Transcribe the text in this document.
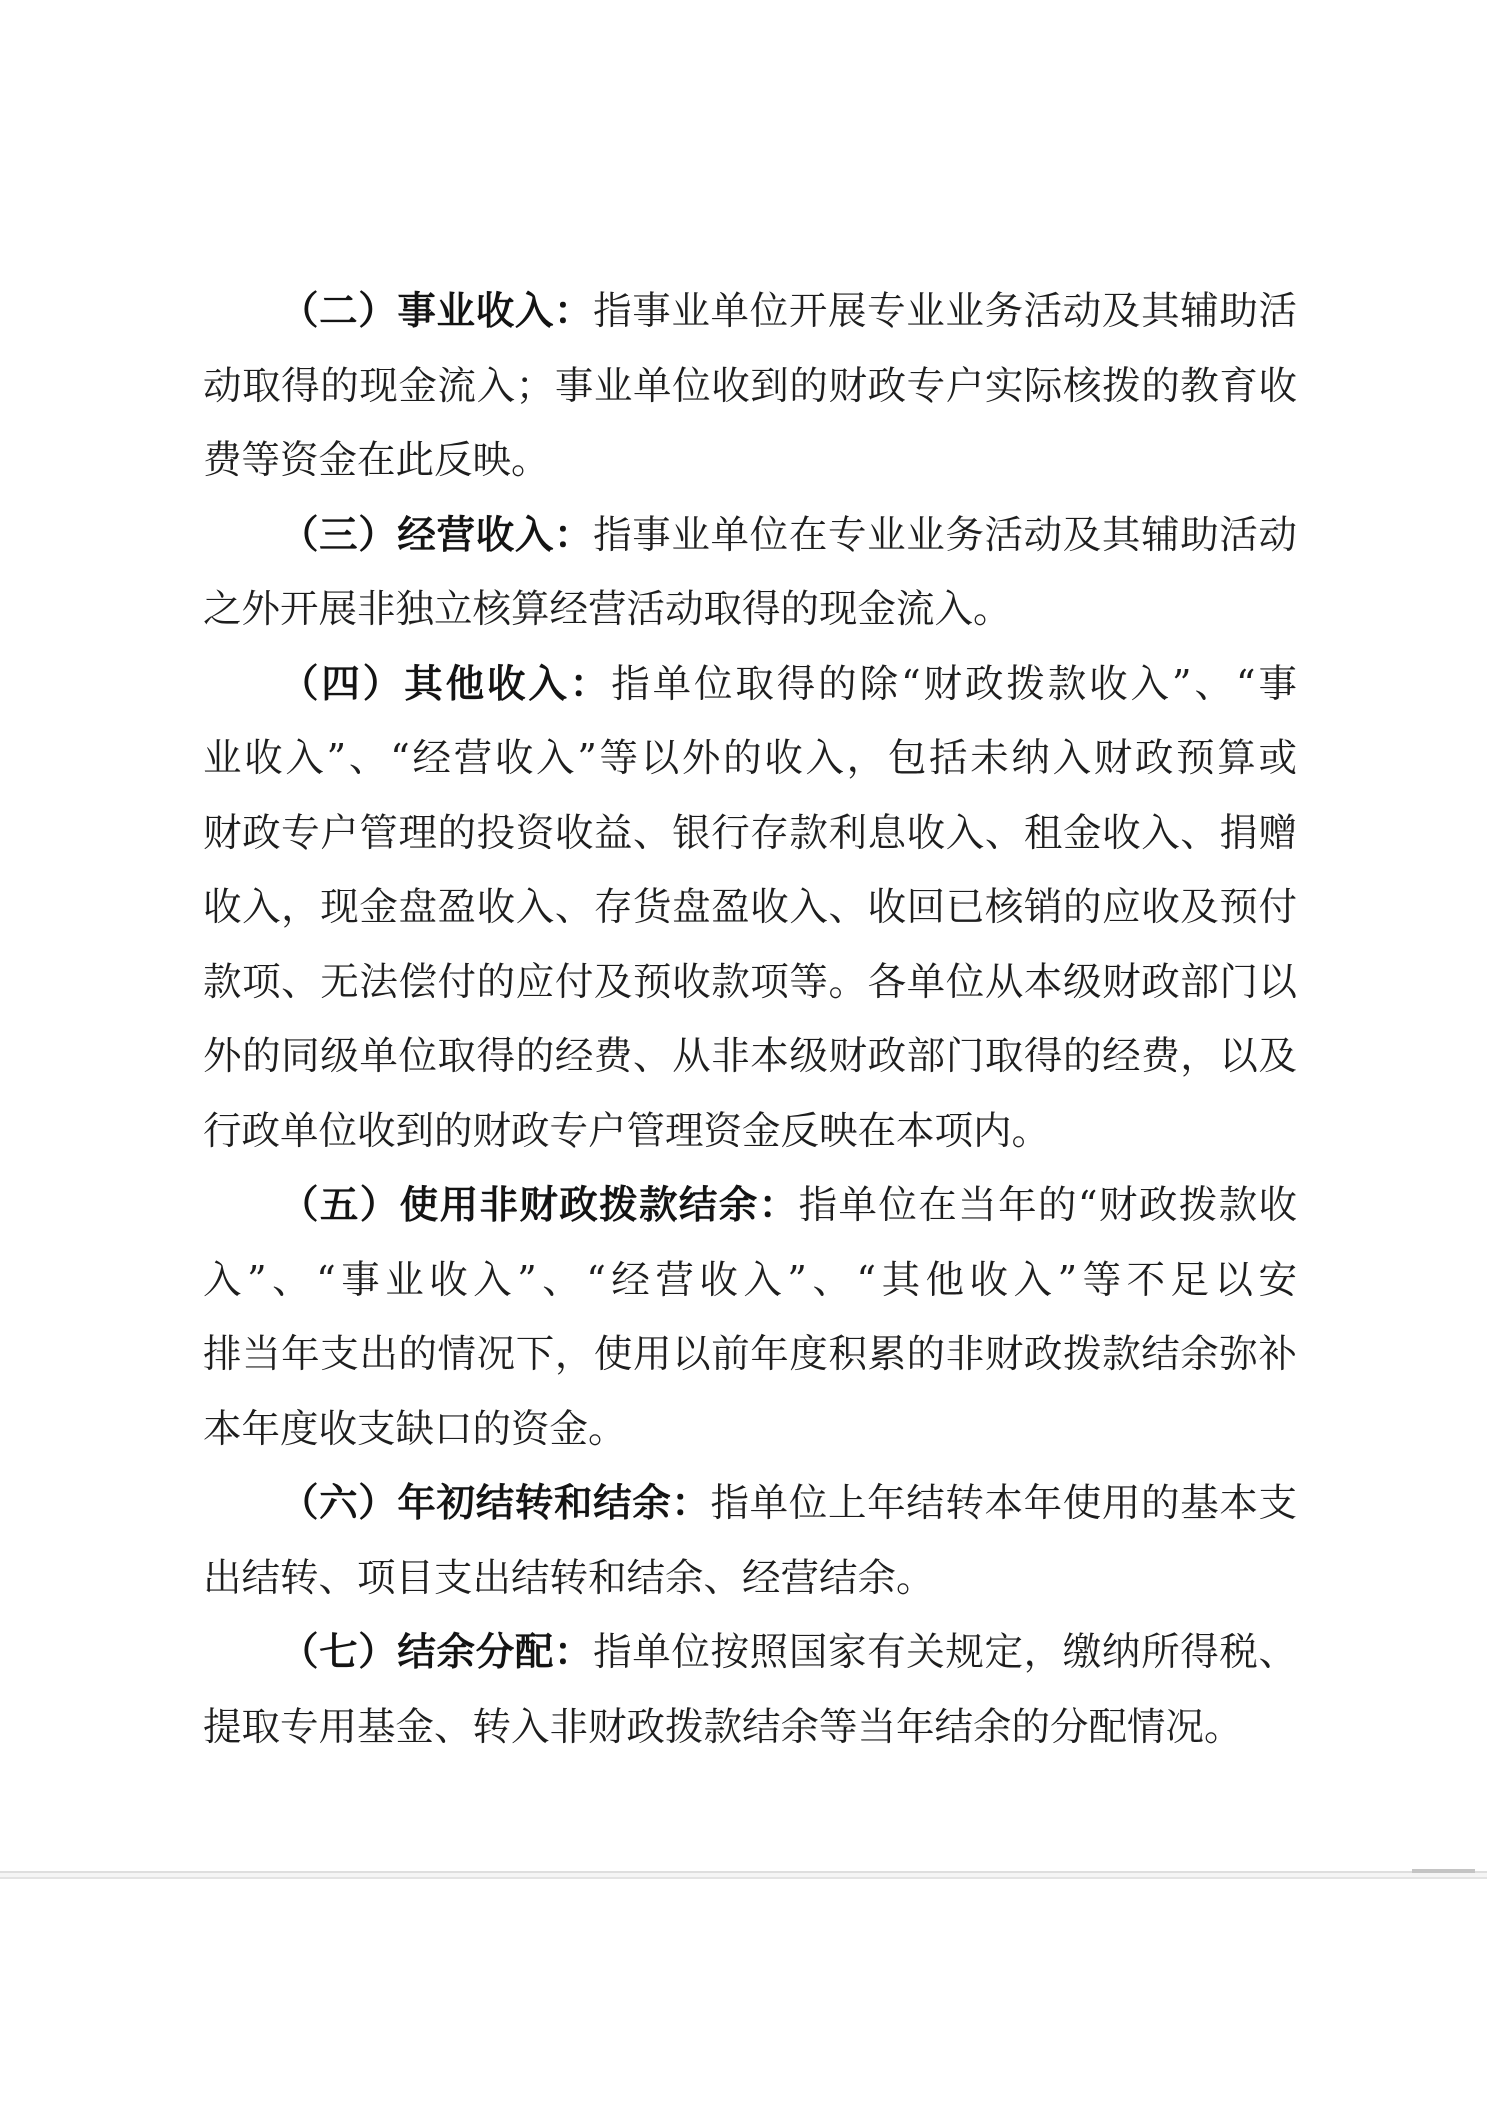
（二）事业收入：指事业单位开展专业业务活动及其辅助活
动取得的现金流入；事业单位收到的财政专户实际核拨的教育收
费等资金在此反映。
（三）经营收入：指事业单位在专业业务活动及其辅助活动
之外开展非独立核算经营活动取得的现金流入。
（四）其他收入：指单位取得的除“财政拨款收入”、“事
业收入”、“经营收入”等以外的收入，包括未纳入财政预算或
财政专户管理的投资收益、银行存款利息收入、租金收入、捐赠
收入，现金盘盈收入、存货盘盈收入、收回已核销的应收及预付
款项、无法偿付的应付及预收款项等。各单位从本级财政部门以
外的同级单位取得的经费、从非本级财政部门取得的经费，以及
行政单位收到的财政专户管理资金反映在本项内。
（五）使用非财政拨款结余：指单位在当年的“财政拨款收
入”、“事业收入”、“经营收入”、“其他收入”等不足以安
排当年支出的情况下，使用以前年度积累的非财政拨款结余弥补
本年度收支缺口的资金。
（六）年初结转和结余：指单位上年结转本年使用的基本支
出结转、项目支出结转和结余、经营结余。
（七）结余分配：指单位按照国家有关规定，缴纳所得税、
提取专用基金、转入非财政拨款结余等当年结余的分配情况。
